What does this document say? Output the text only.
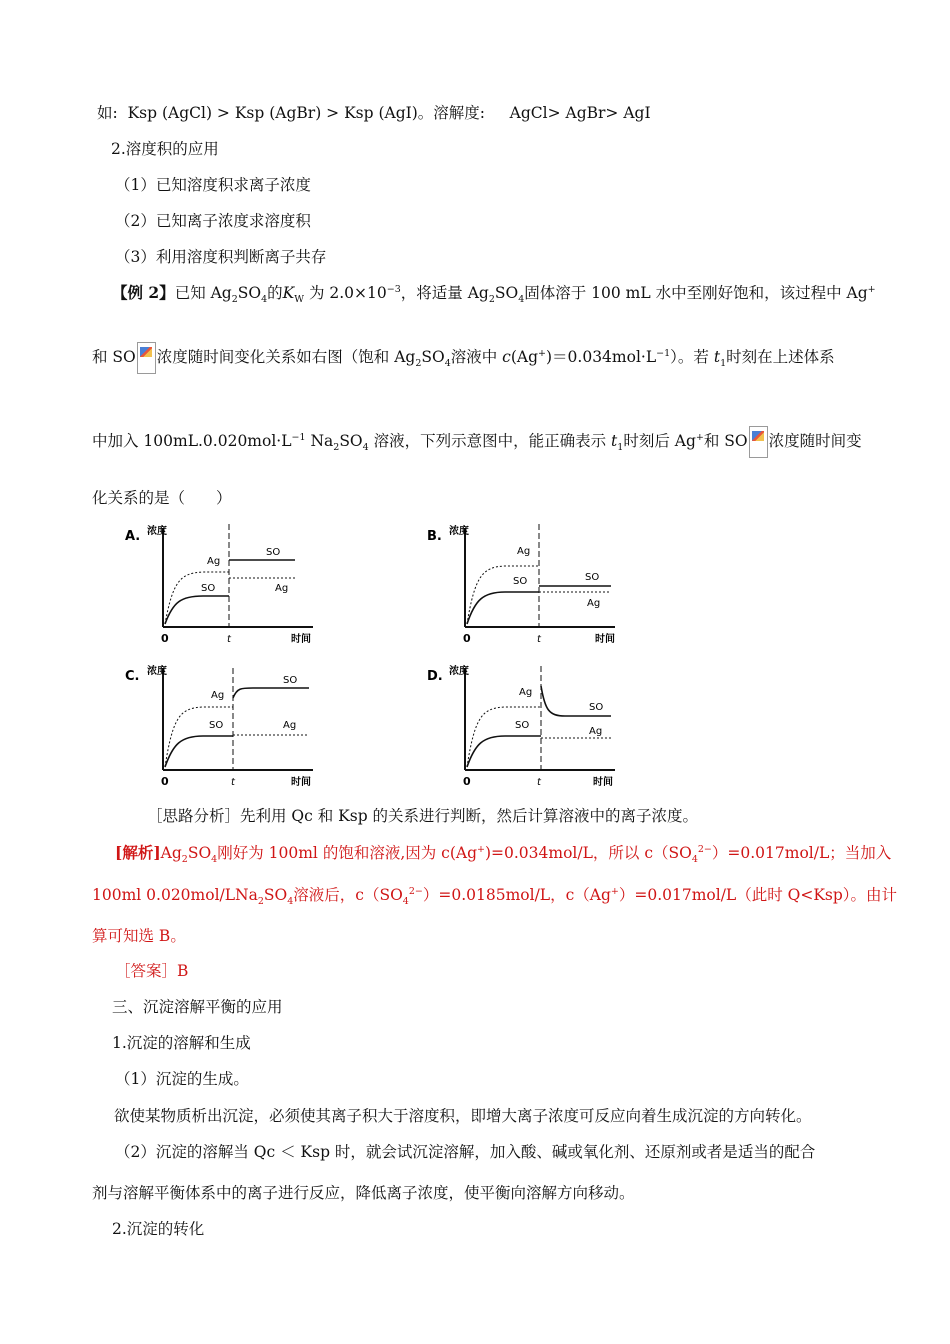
如: Ksp (AgCl) > Ksp (AgBr) > Ksp (AgI)。溶解度: AgCl> AgBr> AgI
2.溶度积的应用
（1）已知溶度积求离子浓度
（2）已知离子浓度求溶度积
（3）利用溶度积判断离子共存
【例 2】已知 $Ag_2SO_4$的$K_W$ 为 $2.0\times 10^{-3}$，将适量 $Ag_2SO_4$固体溶于 100 mL 水中至刚好饱和，该过程中 Ag+
和 SO 浓度随时间变化关系如右图（饱和 $Ag_2SO_4$溶液中 $c(Ag^+)=0.034mol\cdot L^{-1}$）。若 $t_1$时刻在上述体系
中加入 $100mL.0.020mol\cdot L^{-1}$ $Na_2SO_4$ 溶液，下列示意图中，能正确表示 $t_1$时刻后 Ag+和 SO 浓度随时间变
化关系的是（　　）
A. 浓度
0	t	时间
Ag
SO
SO
Ag
B. 浓度
0	t	时间
Ag
SO	SO
Ag
C. 浓度
0	t	时间
Ag
SO
SO
Ag
D. 浓度
0	t	时间
Ag
SO
SO
Ag
［思路分析］先利用 Qc 和 Ksp 的关系进行判断，然后计算溶液中的离子浓度。
[解析]$Ag_2SO_4$刚好为 100ml 的饱和溶液,因为 c(Ag+)=0.034mol/L，所以 $c(SO_4^{2-})=0.017mol/L$；当加入
100ml $0.020mol/LNa_2SO_4$溶液后，$c(SO_4^{2-})=0.0185mol/L$，c（Ag+）=0.017mol/L（此时 Q<Ksp）。由计
算可知选 B。
［答案］B
三、沉淀溶解平衡的应用
1.沉淀的溶解和生成
（1）沉淀的生成。
欲使某物质析出沉淀，必须使其离子积大于溶度积，即增大离子浓度可反应向着生成沉淀的方向转化。
（2）沉淀的溶解当 Qc ＜ Ksp 时，就会试沉淀溶解，加入酸、碱或氧化剂、还原剂或者是适当的配合
剂与溶解平衡体系中的离子进行反应，降低离子浓度，使平衡向溶解方向移动。
2.沉淀的转化
